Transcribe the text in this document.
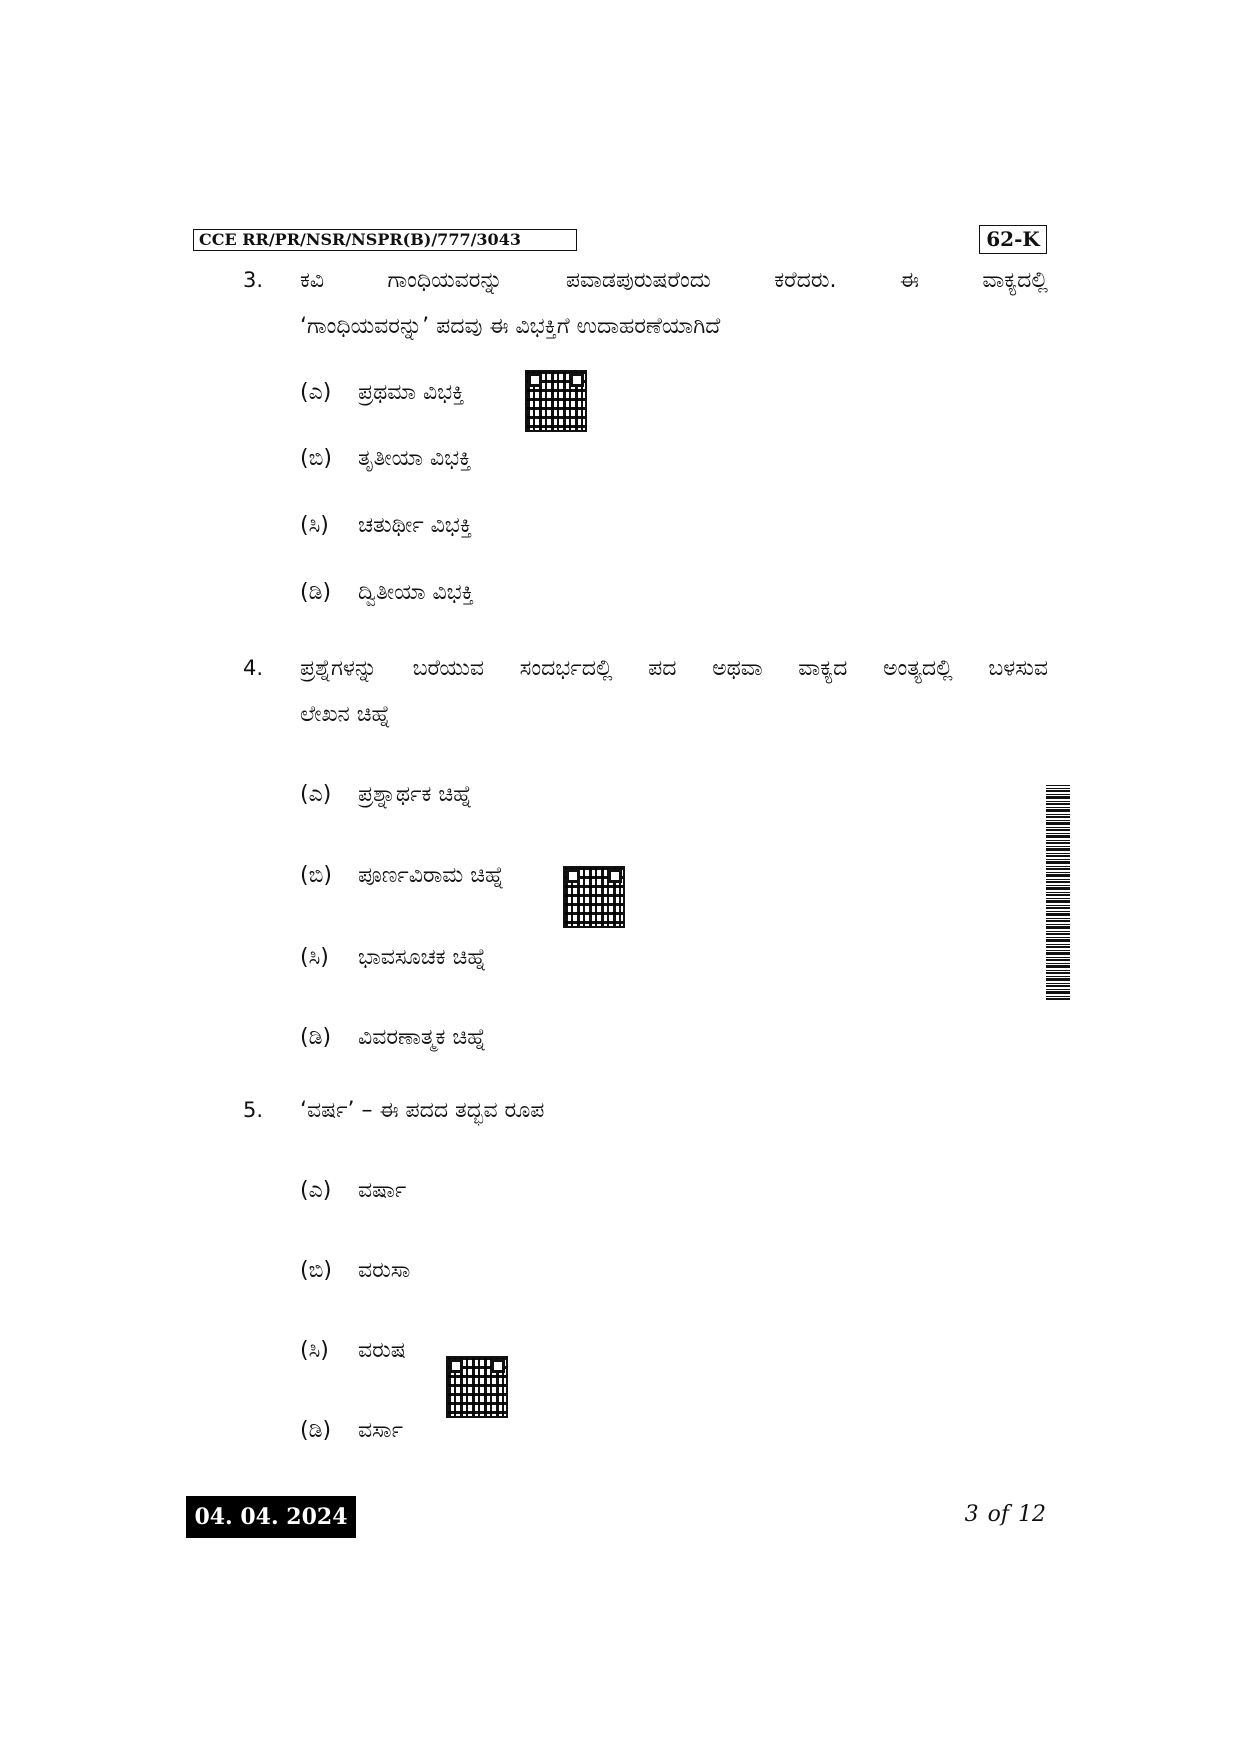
CCE RR/PR/NSR/NSPR(B)/777/3043	62-K
3. ಕವಿ ಗಾಂಧಿಯವರನ್ನು ಪವಾಡಪುರುಷರೆಂದು ಕರೆದರು. ಈ ವಾಕ್ಯದಲ್ಲಿ
‘ಗಾಂಧಿಯವರನ್ನು’ ಪದವು ಈ ವಿಭಕ್ತಿಗೆ ಉದಾಹರಣೆಯಾಗಿದೆ
(ಎ) ಪ್ರಥಮಾ ವಿಭಕ್ತಿ
(ಬಿ) ತೃತೀಯಾ ವಿಭಕ್ತಿ
(ಸಿ) ಚತುರ್ಥೀ ವಿಭಕ್ತಿ
(ಡಿ) ದ್ವಿತೀಯಾ ವಿಭಕ್ತಿ
4. ಪ್ರಶ್ನೆಗಳನ್ನು ಬರೆಯುವ ಸಂದರ್ಭದಲ್ಲಿ ಪದ ಅಥವಾ ವಾಕ್ಯದ ಅಂತ್ಯದಲ್ಲಿ ಬಳಸುವ
ಲೇಖನ ಚಿಹ್ನೆ
(ಎ) ಪ್ರಶ್ನಾರ್ಥಕ ಚಿಹ್ನೆ
(ಬಿ) ಪೂರ್ಣವಿರಾಮ ಚಿಹ್ನೆ
(ಸಿ) ಭಾವಸೂಚಕ ಚಿಹ್ನೆ
(ಡಿ) ವಿವರಣಾತ್ಮಕ ಚಿಹ್ನೆ
5. ‘ವರ್ಷ’ – ಈ ಪದದ ತದ್ಭವ ರೂಪ
(ಎ) ವರ್ಷಾ
(ಬಿ) ವರುಸಾ
(ಸಿ) ವರುಷ
(ಡಿ) ವರ್ಸಾ
04. 04. 2024	3 of 12
